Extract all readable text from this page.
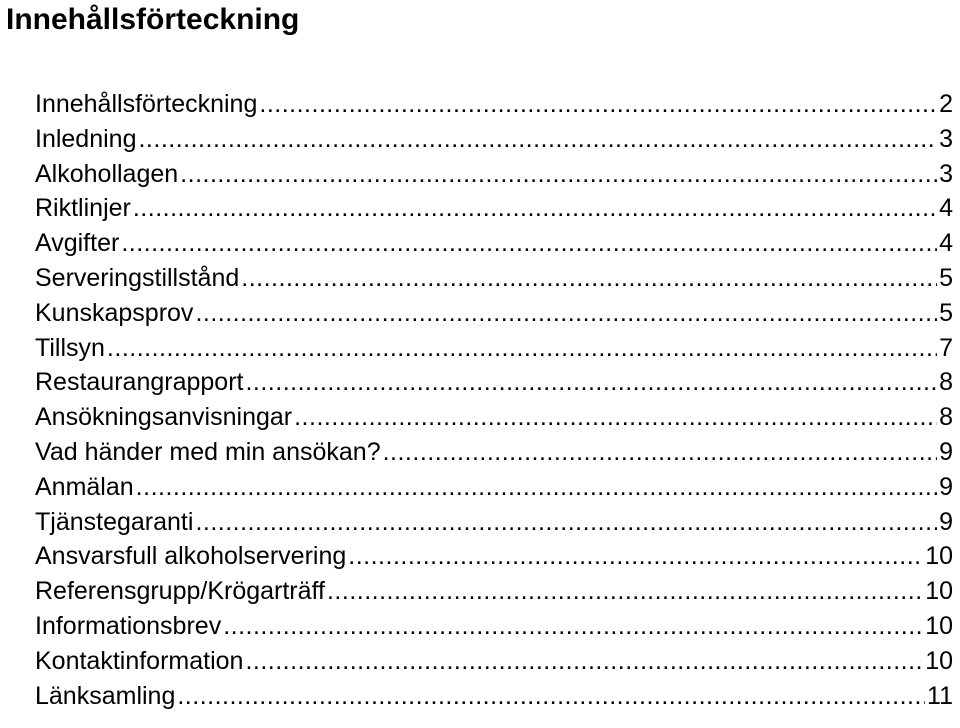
Innehållsförteckning
Innehållsförteckning .....	2
Inledning .....	3
Alkohollagen .....	3
Riktlinjer .....	4
Avgifter .....	4
Serveringstillstånd .....	5
Kunskapsprov .....	5
Tillsyn .....	7
Restaurangrapport .....	8
Ansökningsanvisningar .....	8
Vad händer med min ansökan? .....	9
Anmälan .....	9
Tjänstegaranti .....	9
Ansvarsfull alkoholservering .....	10
Referensgrupp/Krögarträff .....	10
Informationsbrev .....	10
Kontaktinformation .....	10
Länksamling .....	11
